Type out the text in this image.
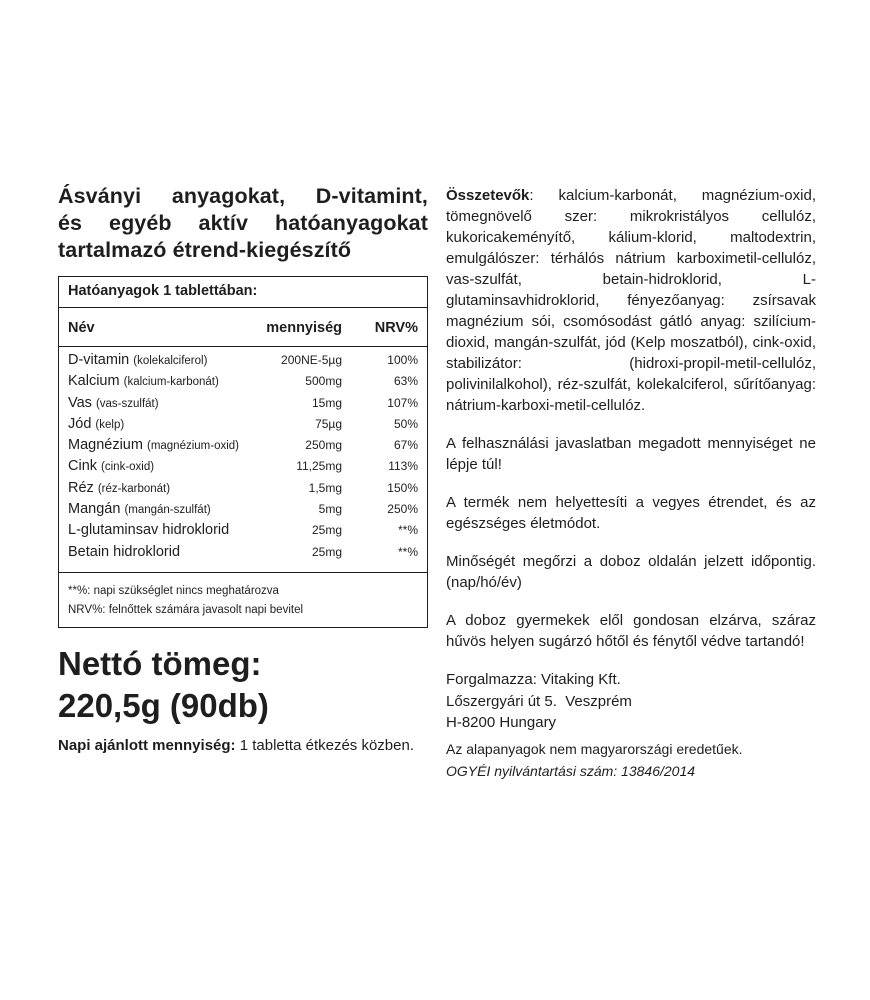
Ásványi anyagokat, D-vitamint,
és egyéb aktív hatóanyagokat
tartalmazó étrend-kiegészítő
Hatóanyagok 1 tablettában:
Név	mennyiség	NRV%
D-vitamin (kolekalciferol)	200NE-5µg	100%
Kalcium (kalcium-karbonát)	500mg	63%
Vas (vas-szulfát)	15mg	107%
Jód (kelp)	75µg	50%
Magnézium (magnézium-oxid)	250mg	67%
Cink (cink-oxid)	11,25mg	113%
Réz (réz-karbonát)	1,5mg	150%
Mangán (mangán-szulfát)	5mg	250%
L-glutaminsav hidroklorid	25mg	**%
Betain hidroklorid	25mg	**%
**%: napi szükséglet nincs meghatározva
NRV%: felnőttek számára javasolt napi bevitel
Nettó tömeg:
220,5g (90db)
Napi ajánlott mennyiség: 1 tabletta étkezés közben.

Összetevők: kalcium-karbonát, magnézium-oxid, tömegnövelő szer: mikrokristályos cellulóz, kukoricakeményítő, kálium-klorid, maltodextrin, emulgálószer: térhálós nátrium karboximetil-cellulóz, vas-szulfát, betain-hidroklorid, L-glutaminsavhidroklorid, fényezőanyag: zsírsavak magnézium sói, csomósodást gátló anyag: szilícium-dioxid, mangán-szulfát, jód (Kelp moszatból), cink-oxid, stabilizátor: (hidroxi-propil-metil-cellulóz, polivinilalkohol), réz-szulfát, kolekalciferol, sűrítőanyag: nátrium-karboxi-metil-cellulóz.

A felhasználási javaslatban megadott mennyiséget ne lépje túl!

A termék nem helyettesíti a vegyes étrendet, és az egészséges életmódot.

Minőségét megőrzi a doboz oldalán jelzett időpontig. (nap/hó/év)

A doboz gyermekek elől gondosan elzárva, száraz hűvös helyen sugárzó hőtől és fénytől védve tartandó!

Forgalmazza: Vitaking Kft.
Lőszergyári út 5.  Veszprém
H-8200 Hungary
Az alapanyagok nem magyarországi eredetűek.
OGYÉI nyilvántartási szám: 13846/2014
